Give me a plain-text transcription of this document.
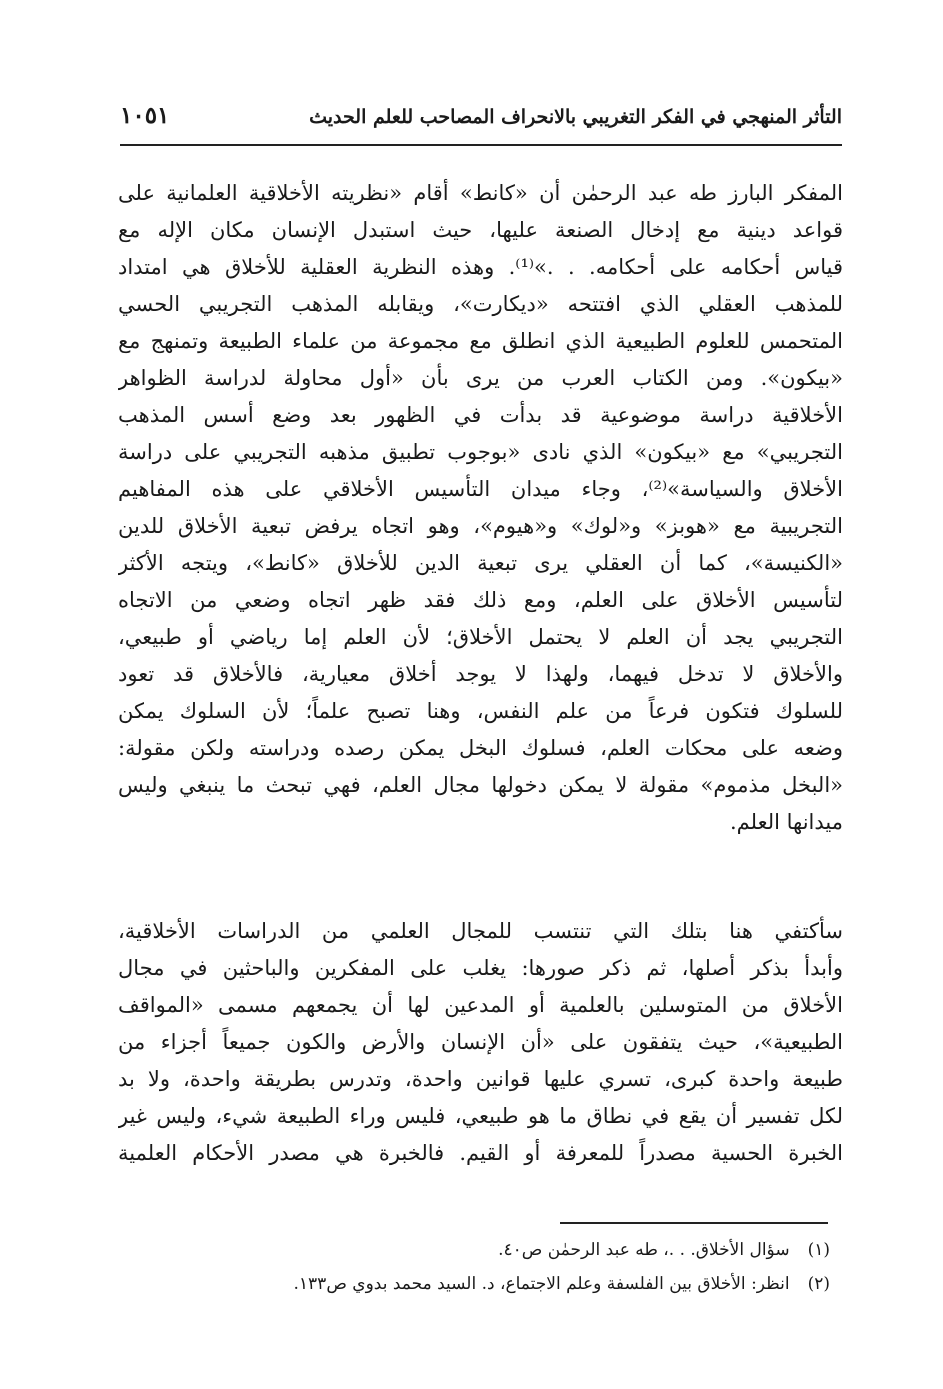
التأثر المنهجي في الفكر التغريبي بالانحراف المصاحب للعلم الحديث
١٠٥١
المفكر البارز طه عبد الرحمٰن أن «كانط» أقام «نظريته الأخلاقية العلمانية على
قواعد دينية مع إدخال الصنعة عليها، حيث استبدل الإنسان مكان الإله مع
قياس أحكامه على أحكامه. . .»⁽¹⁾. وهذه النظرية العقلية للأخلاق هي امتداد
للمذهب العقلي الذي افتتحه «ديكارت»، ويقابله المذهب التجريبي الحسي
المتحمس للعلوم الطبيعية الذي انطلق مع مجموعة من علماء الطبيعة وتمنهج مع
«بيكون». ومن الكتاب العرب من يرى بأن «أول محاولة لدراسة الظواهر
الأخلاقية دراسة موضوعية قد بدأت في الظهور بعد وضع أسس المذهب
التجريبي» مع «بيكون» الذي نادى «بوجوب تطبيق مذهبه التجريبي على دراسة
الأخلاق والسياسة»⁽²⁾، وجاء ميدان التأسيس الأخلاقي على هذه المفاهيم
التجريبية مع «هوبز» و«لوك» و«هيوم»، وهو اتجاه يرفض تبعية الأخلاق للدين
«الكنيسة»، كما أن العقلي يرى تبعية الدين للأخلاق «كانط»، ويتجه الأكثر
لتأسيس الأخلاق على العلم، ومع ذلك فقد ظهر اتجاه وضعي من الاتجاه
التجريبي يجد أن العلم لا يحتمل الأخلاق؛ لأن العلم إما رياضي أو طبيعي،
والأخلاق لا تدخل فيهما، ولهذا لا يوجد أخلاق معيارية، فالأخلاق قد تعود
للسلوك فتكون فرعاً من علم النفس، وهنا تصبح علماً؛ لأن السلوك يمكن
وضعه على محكات العلم، فسلوك البخل يمكن رصده ودراسته ولكن مقولة:
«البخل مذموم» مقولة لا يمكن دخولها مجال العلم، فهي تبحث ما ينبغي وليس
ميدانها العلم.
سأكتفي هنا بتلك التي تنتسب للمجال العلمي من الدراسات الأخلاقية،
وأبدأ بذكر أصلها، ثم ذكر صورها: يغلب على المفكرين والباحثين في مجال
الأخلاق من المتوسلين بالعلمية أو المدعين لها أن يجمعهم مسمى «المواقف
الطبيعية»، حيث يتفقون على «أن الإنسان والأرض والكون جميعاً أجزاء من
طبيعة واحدة كبرى، تسري عليها قوانين واحدة، وتدرس بطريقة واحدة، ولا بد
لكل تفسير أن يقع في نطاق ما هو طبيعي، فليس وراء الطبيعة شيء، وليس غير
الخبرة الحسية مصدراً للمعرفة أو القيم. فالخبرة هي مصدر الأحكام العلمية
(١)سؤال الأخلاق. . .، طه عبد الرحمٰن ص٤٠.
(٢)انظر: الأخلاق بين الفلسفة وعلم الاجتماع، د. السيد محمد بدوي ص١٣٣.
